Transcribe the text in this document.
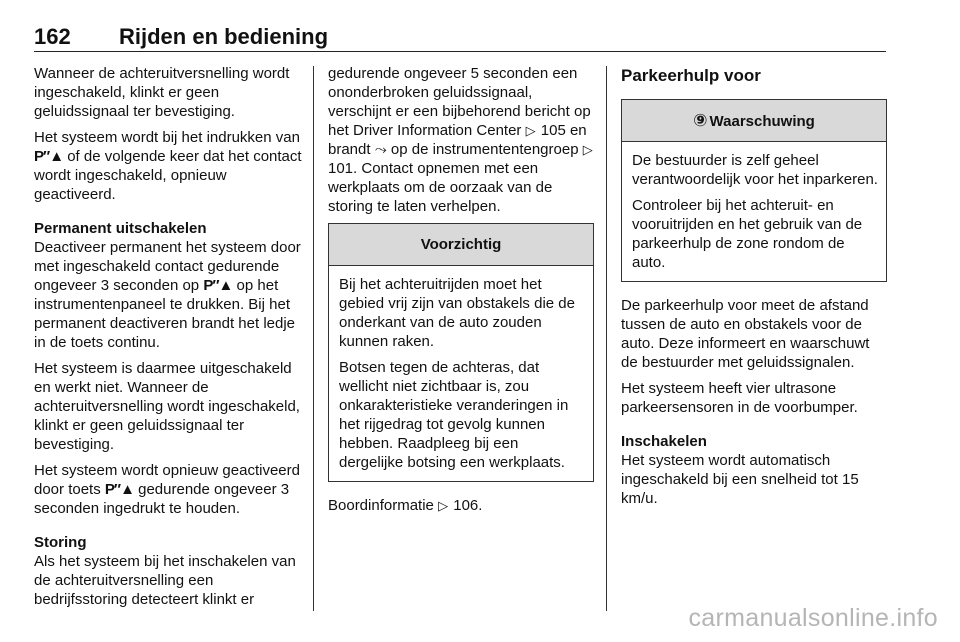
162 Rijden en bediening

Wanneer de achteruitversnelling wordt ingeschakeld, klinkt er geen geluidssignaal ter bevestiging.

Het systeem wordt bij het indrukken van P″▲ of de volgende keer dat het contact wordt ingeschakeld, opnieuw geactiveerd.

Permanent uitschakelen

Deactiveer permanent het systeem door met ingeschakeld contact gedurende ongeveer 3 seconden op P″▲ op het instrumentenpaneel te drukken. Bij het permanent deactiveren brandt het ledje in de toets continu.

Het systeem is daarmee uitgeschakeld en werkt niet. Wanneer de achteruitversnelling wordt ingeschakeld, klinkt er geen geluidssignaal ter bevestiging.

Het systeem wordt opnieuw geactiveerd door toets P″▲ gedurende ongeveer 3 seconden ingedrukt te houden.

Storing

Als het systeem bij het inschakelen van de achteruitversnelling een bedrijfsstoring detecteert klinkt er

gedurende ongeveer 5 seconden een ononderbroken geluidssignaal, verschijnt er een bijbehorend bericht op het Driver Information Center ▷ 105 en brandt ⤳ op de instrumententengroep ▷ 101. Contact opnemen met een werkplaats om de oorzaak van de storing te laten verhelpen.

Voorzichtig

Bij het achteruitrijden moet het gebied vrij zijn van obstakels die de onderkant van de auto zouden kunnen raken.

Botsen tegen de achteras, dat wellicht niet zichtbaar is, zou onkarakteristieke veranderingen in het rijgedrag tot gevolg kunnen hebben. Raadpleeg bij een dergelijke botsing een werkplaats.

Boordinformatie ▷ 106.

Parkeerhulp voor
⑨ Waarschuwing

De bestuurder is zelf geheel verantwoordelijk voor het inparkeren.

Controleer bij het achteruit- en vooruitrijden en het gebruik van de parkeerhulp de zone rondom de auto.

De parkeerhulp voor meet de afstand tussen de auto en obstakels voor de auto. Deze informeert en waarschuwt de bestuurder met geluidssignalen.

Het systeem heeft vier ultrasone parkeersensoren in de voorbumper.

Inschakelen

Het systeem wordt automatisch ingeschakeld bij een snelheid tot 15 km/u.

carmanualsonline.info
